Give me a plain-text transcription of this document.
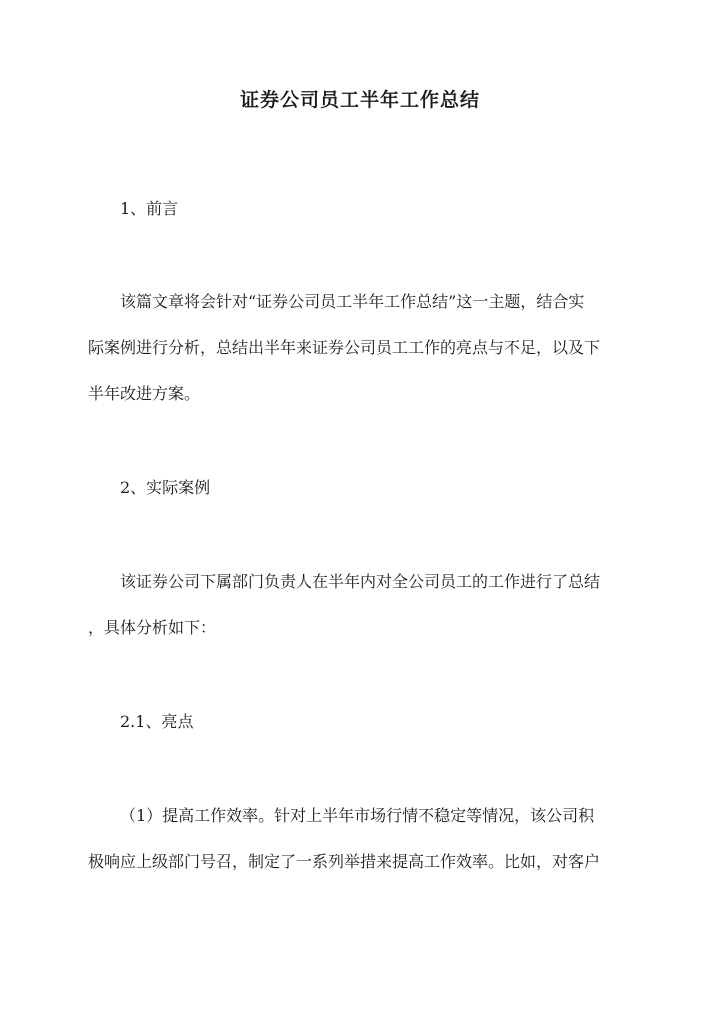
证券公司员工半年工作总结
1、前言
该篇文章将会针对“证券公司员工半年工作总结”这一主题，结合实
际案例进行分析，总结出半年来证券公司员工工作的亮点与不足，以及下
半年改进方案。
2、实际案例
该证券公司下属部门负责人在半年内对全公司员工的工作进行了总结
，具体分析如下：
2.1、亮点
（1）提高工作效率。针对上半年市场行情不稳定等情况，该公司积
极响应上级部门号召，制定了一系列举措来提高工作效率。比如，对客户
